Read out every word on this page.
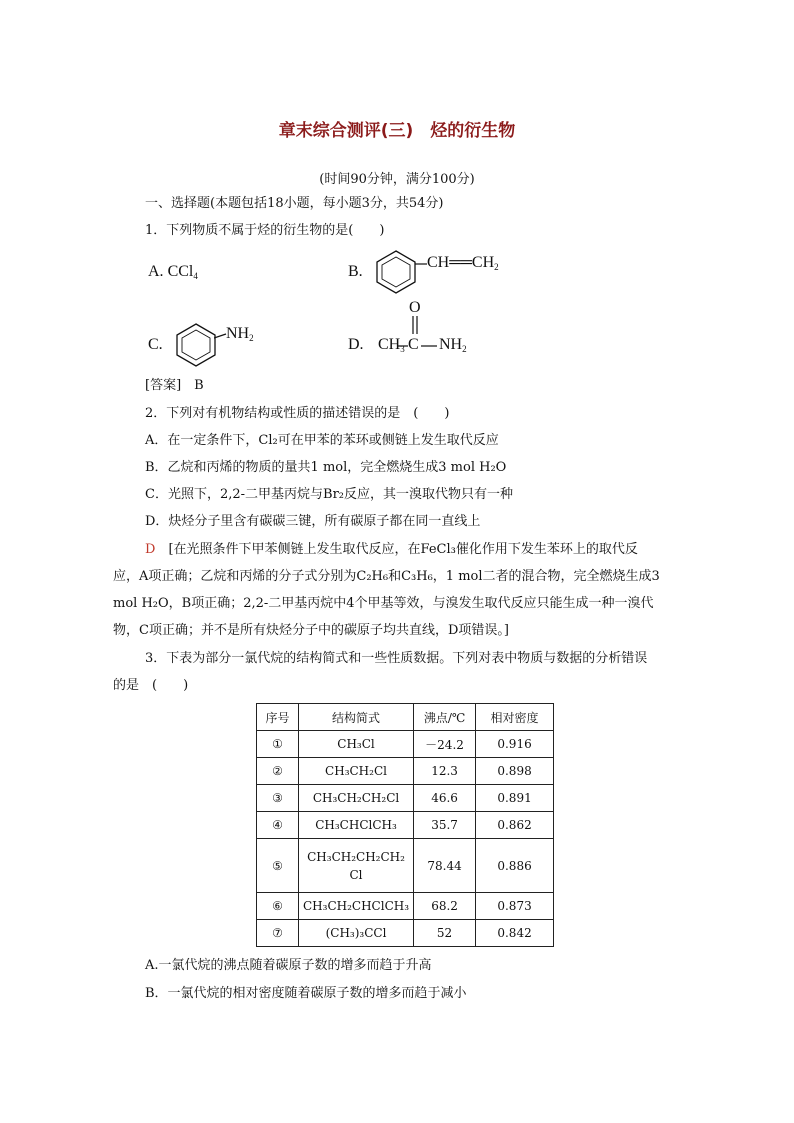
章末综合测评(三)　烃的衍生物
(时间90分钟，满分100分)
一、选择题(本题包括18小题，每小题3分，共54分)
1．下列物质不属于烃的衍生物的是(　　)
A. CCl$_4$	B.
$CH══CH_2$
C.
$NH_2$	D.
O
$CH_3$ C $NH_2$
[答案]　 B
2．下列对有机物结构或性质的描述错误的是　(　　)
A．在一定条件下，Cl₂可在甲苯的苯环或侧链上发生取代反应
B．乙烷和丙烯的物质的量共1 mol，完全燃烧生成3 mol H₂O
C．光照下，2,2-二甲基丙烷与Br₂反应，其一溴取代物只有一种
D．炔烃分子里含有碳碳三键，所有碳原子都在同一直线上
D　 [在光照条件下甲苯侧链上发生取代反应，在FeCl₃催化作用下发生苯环上的取代反
应，A项正确；乙烷和丙烯的分子式分别为C₂H₆和C₃H₆，1 mol二者的混合物，完全燃烧生成3
mol H₂O，B项正确；2,2-二甲基丙烷中4个甲基等效，与溴发生取代反应只能生成一种一溴代
物，C项正确；并不是所有炔烃分子中的碳原子均共直线，D项错误。]
3．下表为部分一氯代烷的结构简式和一些性质数据。下列对表中物质与数据的分析错误
的是　(　　)
序号	结构简式	沸点/℃	相对密度
①	CH₃Cl	－24.2	0.916
②	CH₃CH₂Cl	12.3	0.898
③	CH₃CH₂CH₂Cl	46.6	0.891
④	CH₃CHClCH₃	35.7	0.862
⑤	CH₃CH₂CH₂CH₂Cl	78.44	0.886
⑥	CH₃CH₂CHClCH₃	68.2	0.873
⑦	(CH₃)₃CCl	52	0.842
A.一氯代烷的沸点随着碳原子数的增多而趋于升高
B．一氯代烷的相对密度随着碳原子数的增多而趋于减小
